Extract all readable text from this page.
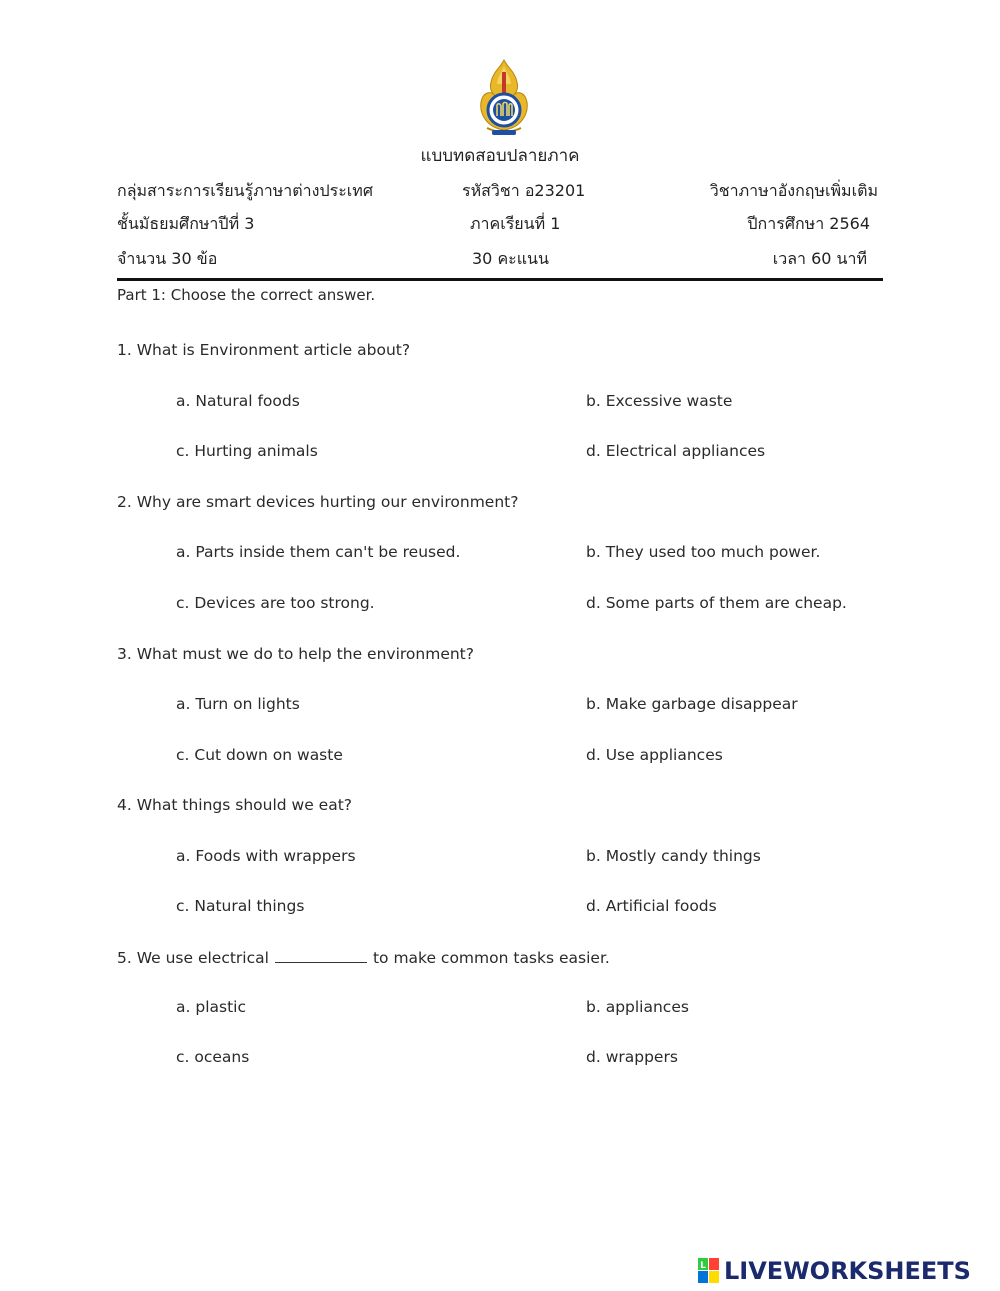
แบบทดสอบปลายภาค
กลุ่มสาระการเรียนรู้ภาษาต่างประเทศ	รหัสวิชา อ23201	วิชาภาษาอังกฤษเพิ่มเติม
ชั้นมัธยมศึกษาปีที่ 3	ภาคเรียนที่ 1	ปีการศึกษา 2564
จำนวน 30 ข้อ	30 คะแนน	เวลา 60 นาที
Part 1: Choose the correct answer.
1. What is Environment article about?
a. Natural foods	b. Excessive waste
c. Hurting animals	d. Electrical appliances
2. Why are smart devices hurting our environment?
a. Parts inside them can't be reused.	b. They used too much power.
c. Devices are too strong.	d. Some parts of them are cheap.
3. What must we do to help the environment?
a. Turn on lights	b. Make garbage disappear
c. Cut down on waste	d. Use appliances
4. What things should we eat?
a. Foods with wrappers	b. Mostly candy things
c. Natural things	d. Artificial foods
5. We use electrical	to make common tasks easier.
a. plastic	b. appliances
c. oceans	d. wrappers
L LIVEWORKSHEETS
